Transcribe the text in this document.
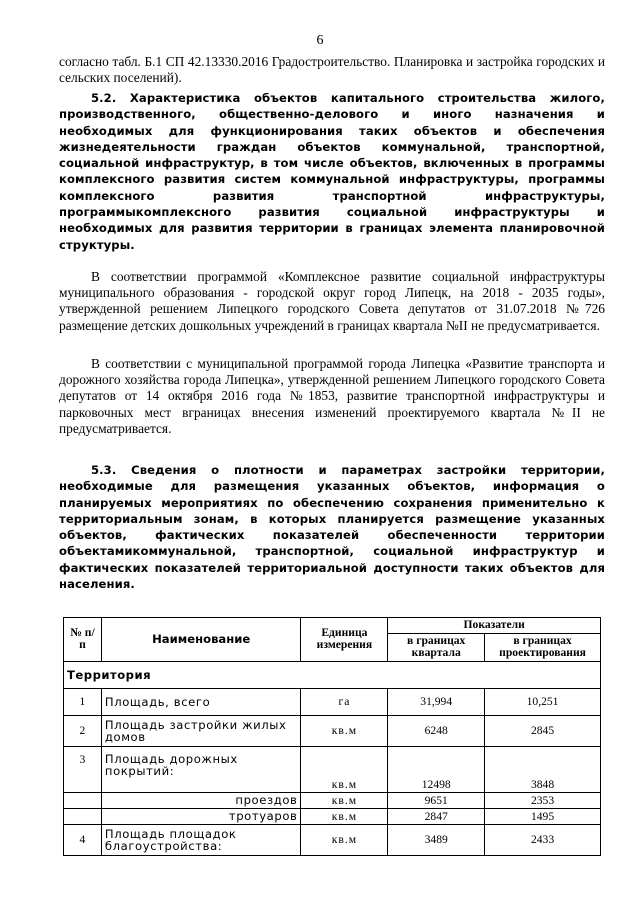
6

согласно табл. Б.1 СП 42.13330.2016 Градостроительство. Планировка и застройка городских и сельских поселений).

5.2. Характеристика объектов капитального строительства жилого, производственного, общественно-делового и иного назначения и необходимых для функционирования таких объектов и обеспечения жизнедеятельности граждан объектов коммунальной, транспортной, социальной инфраструктур, в том числе объектов, включенных в программы комплексного развития систем коммунальной инфраструктуры, программы комплексного развития транспортной инфраструктуры, программыкомплексного развития социальной инфраструктуры и необходимых для развития территории в границах элемента планировочной структуры.

В соответствии программой «Комплексное развитие социальной инфраструктуры муниципального образования - городской округ город Липецк, на 2018 - 2035 годы», утвержденной решением Липецкого городского Совета депутатов от 31.07.2018 №726 размещение детских дошкольных учреждений в границах квартала №II не предусматривается.

В соответствии с муниципальной программой города Липецка «Развитие транспорта и дорожного хозяйства города Липецка», утвержденной решением Липецкого городского Совета депутатов от 14 октября 2016 года №1853, развитие транспортной инфраструктуры и парковочных мест вграницах внесения изменений проектируемого квартала №II не предусматривается.

5.3. Сведения о плотности и параметрах застройки территории, необходимые для размещения указанных объектов, информация о планируемых мероприятиях по обеспечению сохранения применительно к территориальным зонам, в которых планируется размещение указанных объектов, фактических показателей обеспеченности территории объектамикоммунальной, транспортной, социальной инфраструктур и фактических показателей территориальной доступности таких объектов для населения.

№ п/п	Наименование	Единица измерения	Показатели	
			в границах квартала	в границах проектирования
Территория				
1	Площадь, всего	га	31,994	10,251
2	Площадь застройки жилых домов	кв.м	6248	2845
3	Площадь дорожных покрытий:	кв.м	12498	3848
	проездов	кв.м	9651	2353
	тротуаров	кв.м	2847	1495
4	Площадь площадок благоустройства:	кв.м	3489	2433
